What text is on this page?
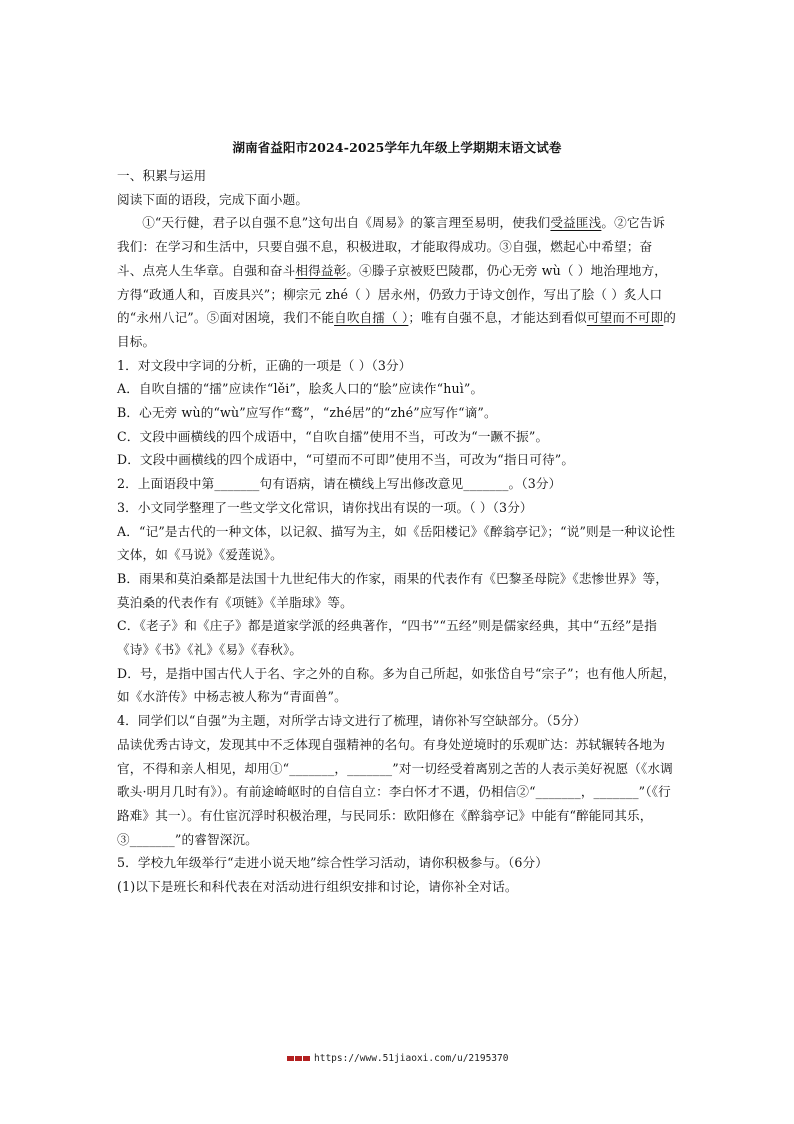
湖南省益阳市2024-2025学年九年级上学期期末语文试卷

一、积累与运用

阅读下面的语段，完成下面小题。

①“天行健，君子以自强不息”这句出自《周易》的篆言理至易明，使我们受益匪浅。②它告诉我们：在学习和生活中，只要自强不息，积极进取，才能取得成功。③自强，燃起心中希望；奋斗、点亮人生华章。自强和奋斗相得益彰。④滕子京被贬巴陵郡，仍心无旁 wù（ ）地治理地方，方得“政通人和，百废具兴”；柳宗元 zhé（ ）居永州，仍致力于诗文创作，写出了脍（ ）炙人口的“永州八记”。⑤面对困境，我们不能自吹自擂（ ）；唯有自强不息，才能达到看似可望而不可即的目标。

1．对文段中字词的分析，正确的一项是（ ）（3分）

A．自吹自擂的“擂”应读作“lěi”，脍炙人口的“脍”应读作“huì”。

B．心无旁 wù的“wù”应写作“鹜”，“zhé居”的“zhé”应写作“谪”。

C．文段中画横线的四个成语中，“自吹自擂”使用不当，可改为“一蹶不振”。

D．文段中画横线的四个成语中，“可望而不可即”使用不当，可改为“指日可待”。

2．上面语段中第_______句有语病，请在横线上写出修改意见_______。（3分）

3．小文同学整理了一些文学文化常识，请你找出有误的一项。（ ）（3分）

A．“记”是古代的一种文体，以记叙、描写为主，如《岳阳楼记》《醉翁亭记》；“说”则是一种议论性文体，如《马说》《爱莲说》。

B．雨果和莫泊桑都是法国十九世纪伟大的作家，雨果的代表作有《巴黎圣母院》《悲惨世界》等，莫泊桑的代表作有《项链》《羊脂球》等。

C．《老子》和《庄子》都是道家学派的经典著作，“四书”“五经”则是儒家经典，其中“五经”是指《诗》《书》《礼》《易》《春秋》。

D．号，是指中国古代人于名、字之外的自称。多为自己所起，如张岱自号“宗子”；也有他人所起，如《水浒传》中杨志被人称为“青面兽”。

4．同学们以“自强”为主题，对所学古诗文进行了梳理，请你补写空缺部分。（5分）

品读优秀古诗文，发现其中不乏体现自强精神的名句。有身处逆境时的乐观旷达：苏轼辗转各地为官，不得和亲人相见，却用①“_______，_______”对一切经受着离别之苦的人表示美好祝愿（《水调歌头·明月几时有》）。有前途崎岖时的自信自立：李白怀才不遇，仍相信②“_______，_______”（《行路难》其一）。有仕宦沉浮时积极治理，与民同乐：欧阳修在《醉翁亭记》中能有“醉能同其乐，③_______”的睿智深沉。

5．学校九年级举行“走进小说天地”综合性学习活动，请你积极参与。（6分）

(1)以下是班长和科代表在对活动进行组织安排和讨论，请你补全对话。

https://www.51jiaoxi.com/u/2195370
